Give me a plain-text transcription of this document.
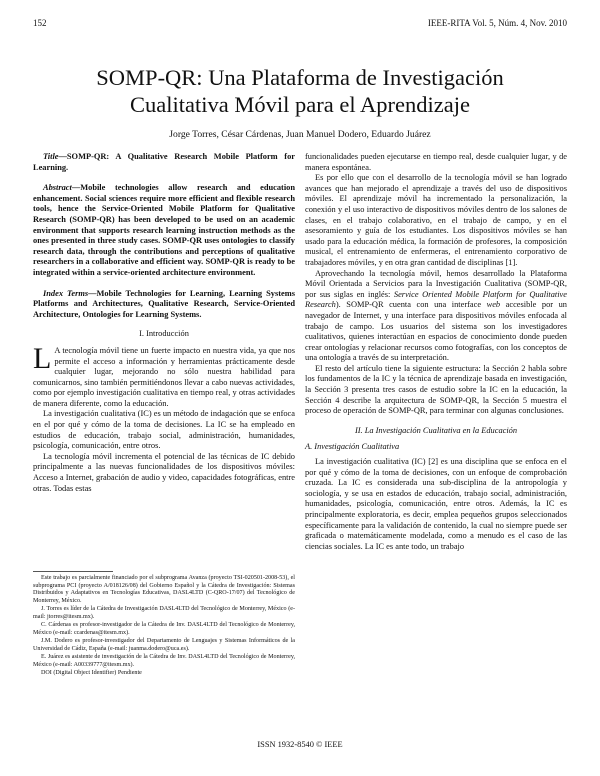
152	IEEE-RITA Vol. 5, Núm. 4, Nov. 2010
SOMP-QR: Una Plataforma de Investigación
Cualitativa Móvil para el Aprendizaje
Jorge Torres, César Cárdenas, Juan Manuel Dodero, Eduardo Juárez

Title—SOMP-QR: A Qualitative Research Mobile Platform for Learning.

Abstract—Mobile technologies allow research and education enhancement. Social sciences require more efficient and flexible research tools, hence the Service-Oriented Mobile Platform for Qualitative Research (SOMP-QR) has been developed to be used on an academic environment that supports research learning instruction methods as the ones presented in three study cases. SOMP-QR uses ontologies to classify research data, through the contributions and perceptions of qualitative researchers in a collaborative and efficient way. SOMP-QR is ready to be integrated within a service-oriented architecture environment.

Index Terms—Mobile Technologies for Learning, Learning Systems Platforms and Architectures, Qualitative Research, Service-Oriented Architecture, Ontologies for Learning Systems.

I. Introducción

L A tecnología móvil tiene un fuerte impacto en nuestra vida, ya que nos permite el acceso a información y herramientas prácticamente desde cualquier lugar, mejorando no sólo nuestra habilidad para comunicarnos, sino también permitiéndonos llevar a cabo nuevas actividades, como por ejemplo investigación cualitativa en tiempo real, y otras actividades de manera diferente, como la educación.

La investigación cualitativa (IC) es un método de indagación que se enfoca en el por qué y cómo de la toma de decisiones. La IC se ha empleado en estudios de educación, trabajo social, administración, humanidades, psicología, comunicación, entre otros.

La tecnología móvil incrementa el potencial de las técnicas de IC debido principalmente a las nuevas funcionalidades de los dispositivos móviles: Acceso a Internet, grabación de audio y video, capacidades fotográficas, entre otras. Todas estas

Este trabajo es parcialmente financiado por el subprograma Avanza (proyecto TSI-020501-2008-53), el subprograma PCI (proyecto A/018126/08) del Gobierno Español y la Cátedra de Investigación: Sistemas Distribuidos y Adaptativos en Tecnologías Educativas, DASL4LTD (C-QRO-17/07) del Tecnológico de Monterrey, México.

J. Torres es líder de la Cátedra de Investigación DASL4LTD del Tecnológico de Monterrey, México (e-mail: jtorres@itesm.mx).

C. Cárdenas es profesor-investigador de la Cátedra de Inv. DASL4LTD del Tecnológico de Monterrey, México (e-mail: ccardenas@itesm.mx).

J.M. Dodero es profesor-investigador del Departamento de Lenguajes y Sistemas Informáticos de la Universidad de Cádiz, España (e-mail: juanma.dodero@uca.es).

E. Juárez es asistente de investigación de la Cátedra de Inv. DASL4LTD del Tecnológico de Monterrey, México (e-mail: A00339777@itesm.mx).

DOI (Digital Object Identifier) Pendiente

funcionalidades pueden ejecutarse en tiempo real, desde cualquier lugar, y de manera espontánea.

Es por ello que con el desarrollo de la tecnología móvil se han logrado avances que han mejorado el aprendizaje a través del uso de dispositivos móviles. El aprendizaje móvil ha incrementado la personalización, la conexión y el uso interactivo de dispositivos móviles dentro de los salones de clases, en el trabajo colaborativo, en el trabajo de campo, y en el asesoramiento y guía de los estudiantes. Los dispositivos móviles se han usado para la educación médica, la formación de profesores, la composición musical, el entrenamiento de enfermeras, el entrenamiento corporativo de trabajadores móviles, y en otra gran cantidad de disciplinas [1].

Aprovechando la tecnología móvil, hemos desarrollado la Plataforma Móvil Orientada a Servicios para la Investigación Cualitativa (SOMP-QR, por sus siglas en inglés: Service Oriented Mobile Platform for Qualitative Research). SOMP-QR cuenta con una interface web accesible por un navegador de Internet, y una interface para dispositivos móviles enfocada al trabajo de campo. Los usuarios del sistema son los investigadores cualitativos, quienes interactúan en espacios de conocimiento donde pueden crear ontologías y relacionar recursos como fotografías, con los conceptos de una ontología a través de su interpretación.

El resto del artículo tiene la siguiente estructura: la Sección 2 habla sobre los fundamentos de la IC y la técnica de aprendizaje basada en investigación, la Sección 3 presenta tres casos de estudio sobre la IC en la educación, la Sección 4 describe la arquitectura de SOMP-QR, la Sección 5 muestra el proceso de operación de SOMP-QR, para terminar con algunas conclusiones.

II. La Investigación Cualitativa en la Educación
A. Investigación Cualitativa

La investigación cualitativa (IC) [2] es una disciplina que se enfoca en el por qué y cómo de la toma de decisiones, con un enfoque de comprobación cruzada. La IC es considerada una sub-disciplina de la antropología y sociología, y se usa en estados de educación, trabajo social, administración, humanidades, psicología, comunicación, entre otros. Además, la IC es principalmente exploratoria, es decir, emplea pequeños grupos seleccionados específicamente para la validación de contenido, la cual no siempre puede ser graficada o matemáticamente modelada, como a menudo es el caso de las ciencias sociales. La IC es ante todo, un trabajo

ISSN 1932-8540 © IEEE
